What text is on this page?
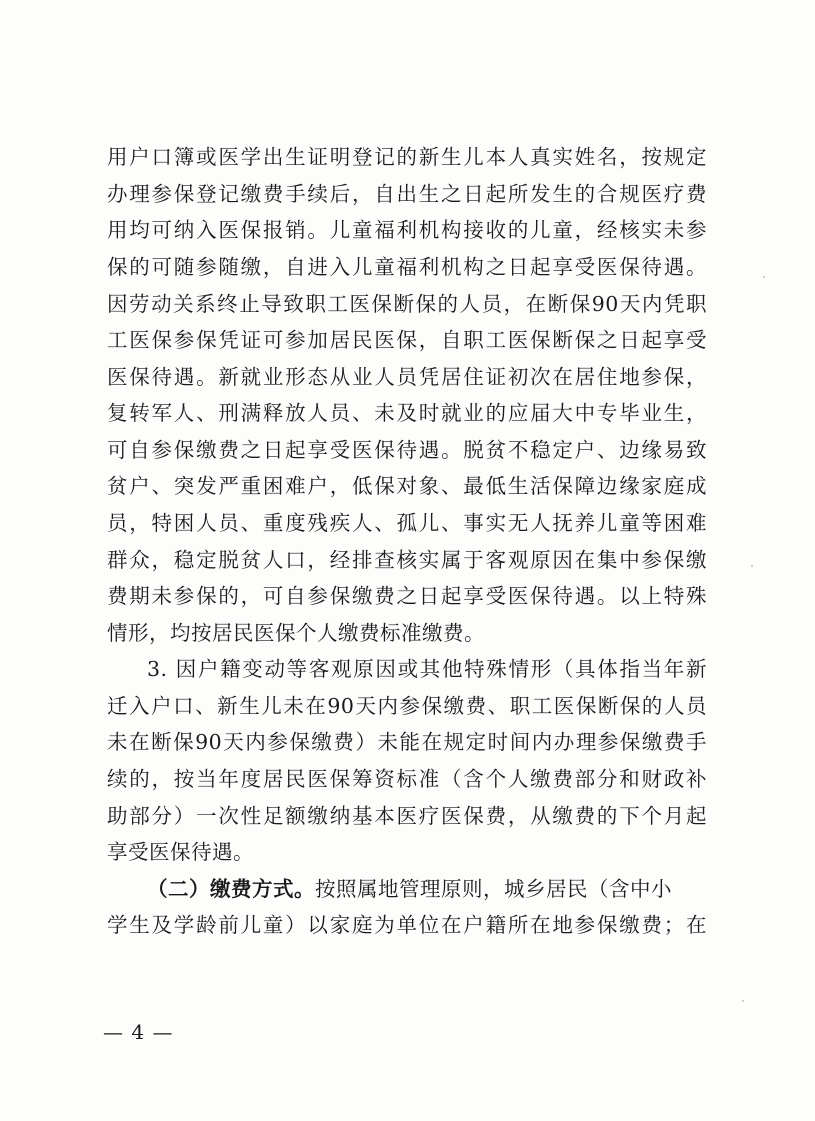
用户口簿或医学出生证明登记的新生儿本人真实姓名，按规定
办理参保登记缴费手续后，自出生之日起所发生的合规医疗费
用均可纳入医保报销。儿童福利机构接收的儿童，经核实未参
保的可随参随缴，自进入儿童福利机构之日起享受医保待遇。
因劳动关系终止导致职工医保断保的人员，在断保90天内凭职
工医保参保凭证可参加居民医保，自职工医保断保之日起享受
医保待遇。新就业形态从业人员凭居住证初次在居住地参保，
复转军人、刑满释放人员、未及时就业的应届大中专毕业生，
可自参保缴费之日起享受医保待遇。脱贫不稳定户、边缘易致
贫户、突发严重困难户，低保对象、最低生活保障边缘家庭成
员，特困人员、重度残疾人、孤儿、事实无人抚养儿童等困难
群众，稳定脱贫人口，经排查核实属于客观原因在集中参保缴
费期未参保的，可自参保缴费之日起享受医保待遇。以上特殊
情形，均按居民医保个人缴费标准缴费。
3. 因户籍变动等客观原因或其他特殊情形（具体指当年新
迁入户口、新生儿未在90天内参保缴费、职工医保断保的人员
未在断保90天内参保缴费）未能在规定时间内办理参保缴费手
续的，按当年度居民医保筹资标准（含个人缴费部分和财政补
助部分）一次性足额缴纳基本医疗医保费，从缴费的下个月起
享受医保待遇。
（二）缴费方式。按照属地管理原则，城乡居民（含中小
学生及学龄前儿童）以家庭为单位在户籍所在地参保缴费；在
— 4 —
